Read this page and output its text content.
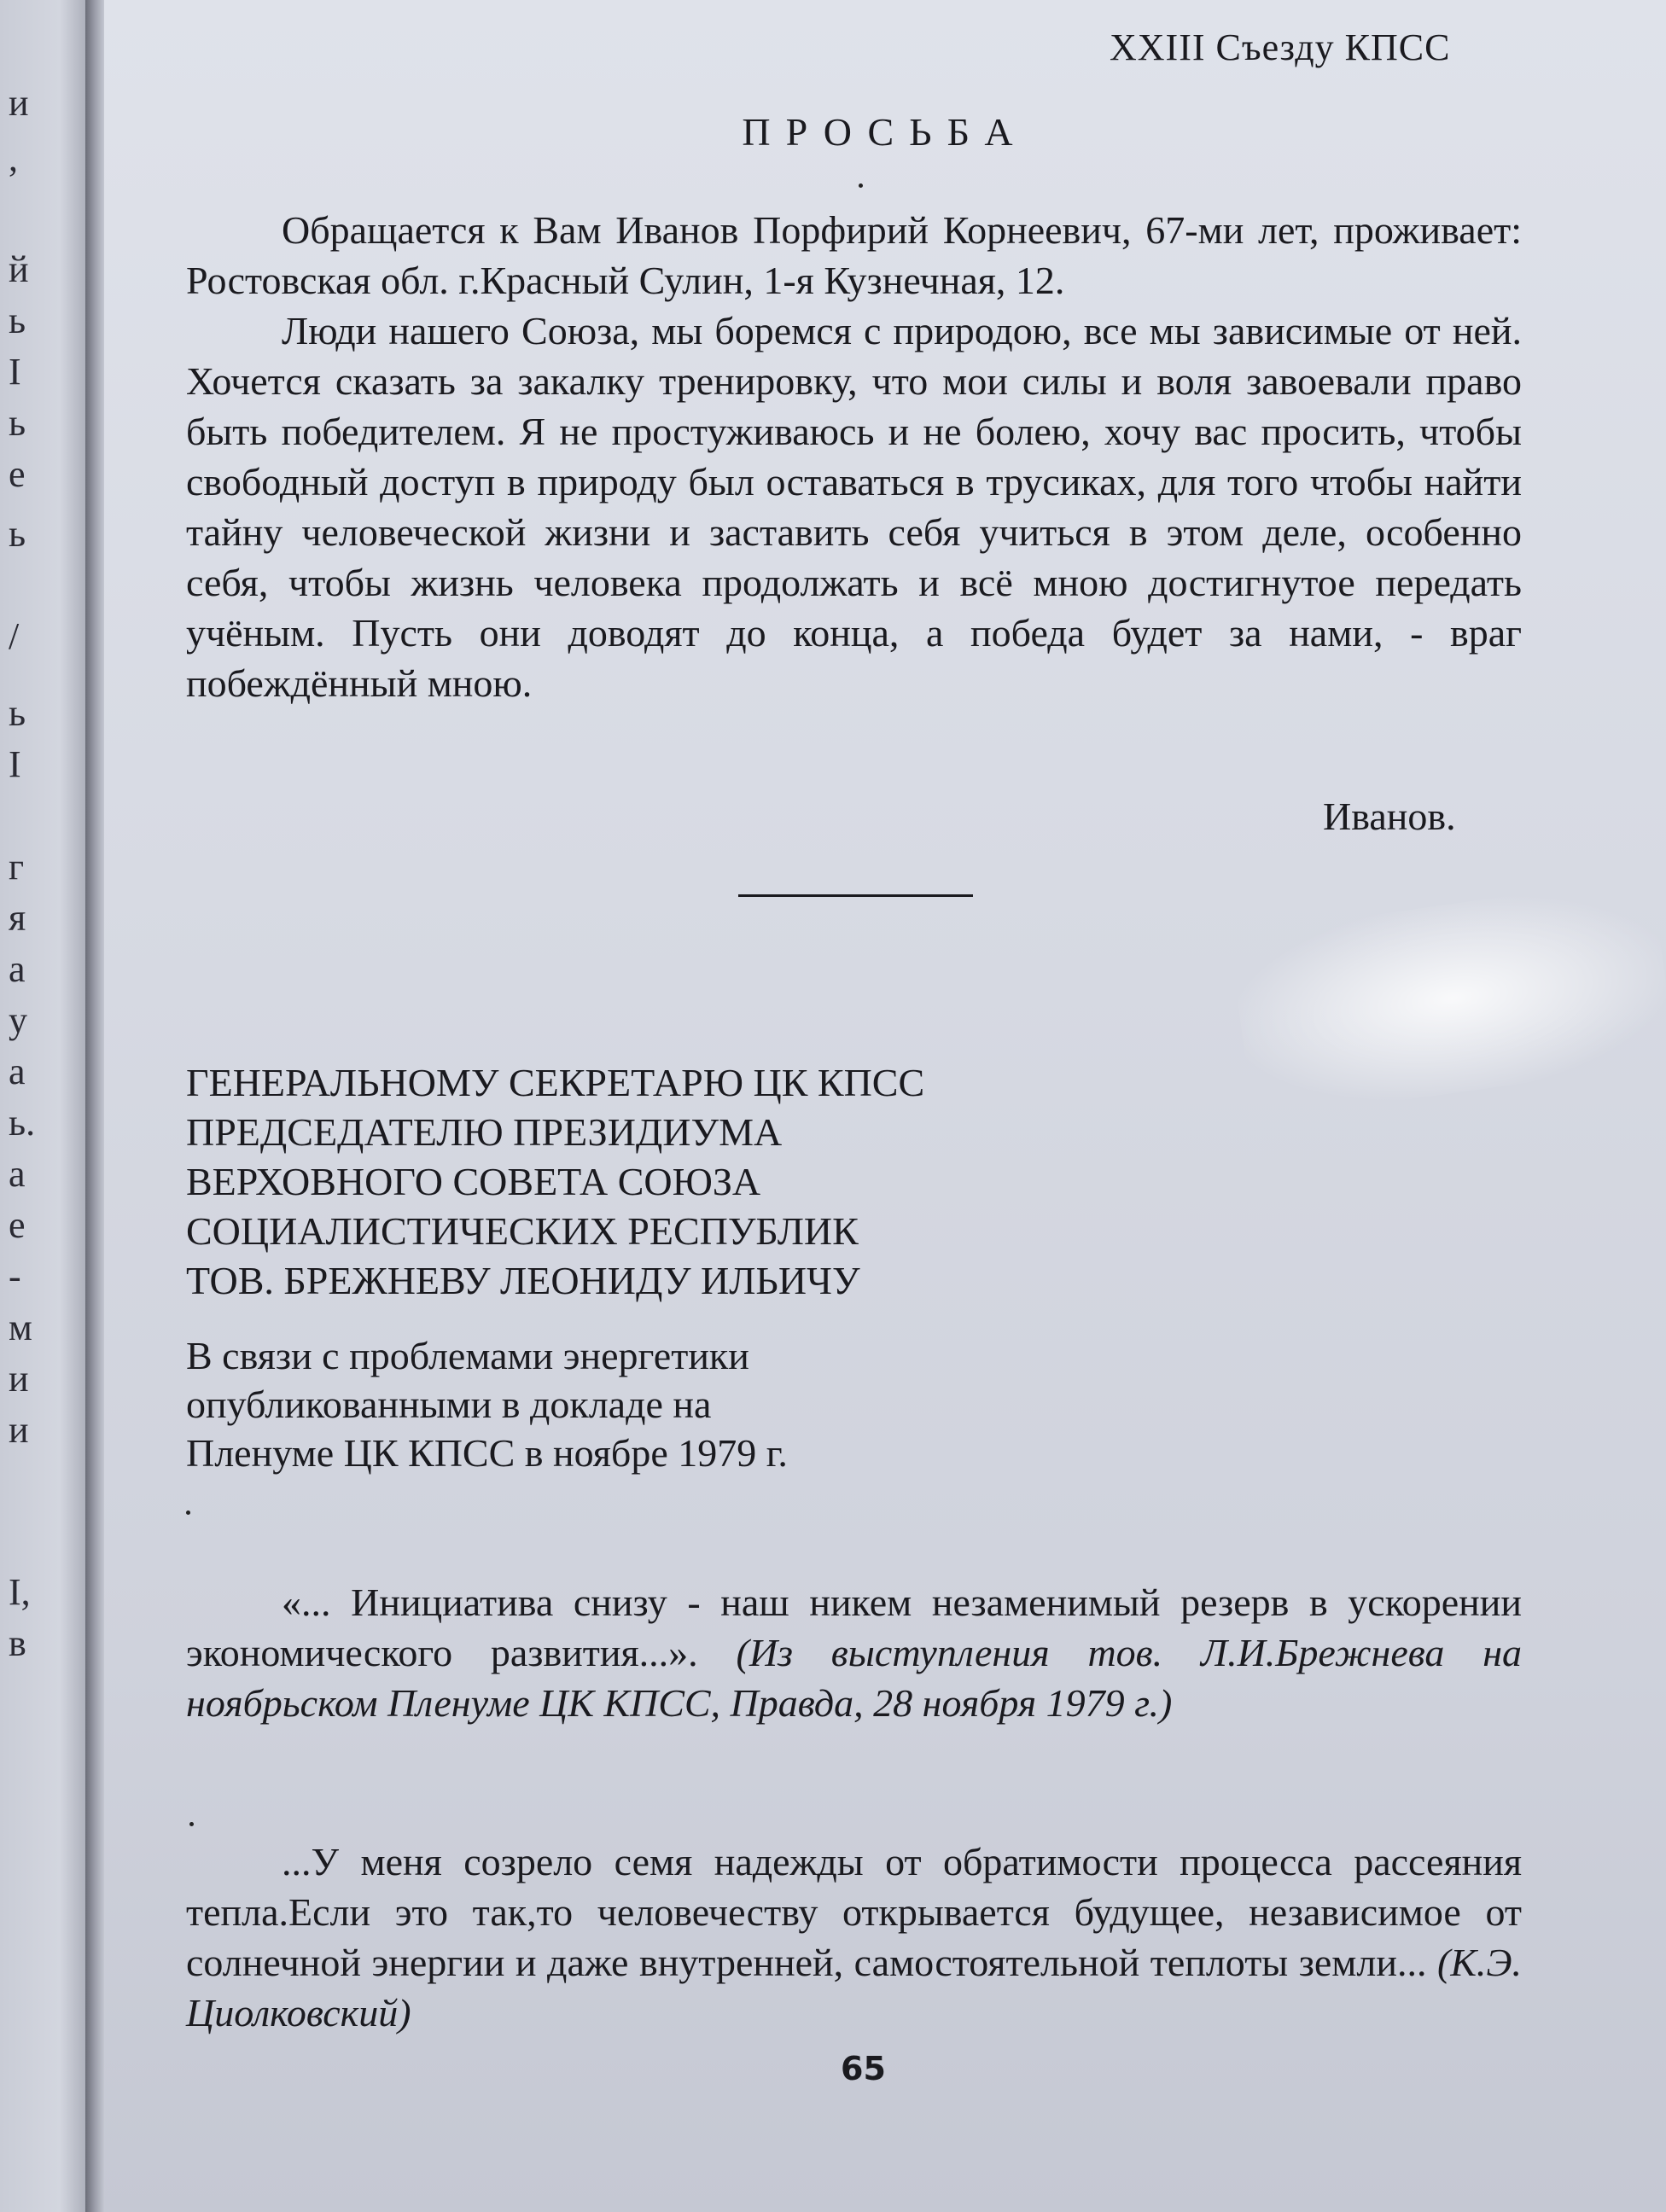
и
,
й
ь
I
ь
е
ь
/
ь
I
г
я
а
у
а
ь.
а
е
-
м
и
и
I,
в
XXIII Съезду КПСС
ПРОСЬБА
Обращается к Вам Иванов Порфирий Корнеевич, 67-ми лет, проживает: Ростовская обл. г.Красный Сулин, 1-я Кузнечная, 12.
Люди нашего Союза, мы боремся с природою, все мы зависимые от ней. Хочется сказать за закалку тренировку, что мои силы и воля завоевали право быть победителем. Я не простуживаюсь и не болею, хочу вас просить, чтобы свободный доступ в природу был оставаться в трусиках, для того чтобы найти тайну человеческой жизни и заставить себя учиться в этом деле, особенно себя, чтобы жизнь человека продолжать и всё мною достигнутое передать учёным. Пусть они доводят до конца, а победа будет за нами, - враг побеждённый мною.
Иванов.
ГЕНЕРАЛЬНОМУ СЕКРЕТАРЮ ЦК КПСС
ПРЕДСЕДАТЕЛЮ ПРЕЗИДИУМА
ВЕРХОВНОГО СОВЕТА СОЮЗА
СОЦИАЛИСТИЧЕСКИХ РЕСПУБЛИК
ТОВ. БРЕЖНЕВУ ЛЕОНИДУ ИЛЬИЧУ
В связи с проблемами энергетики
опубликованными в докладе на
Пленуме ЦК КПСС в ноябре 1979 г.
«... Инициатива снизу - наш никем незаменимый резерв в ускорении экономического развития...». (Из выступления тов. Л.И.Брежнева на ноябрьском Пленуме ЦК КПСС, Правда, 28 ноября 1979 г.)
...У меня созрело семя надежды от обратимости процесса рассеяния тепла.Если это так,то человечеству открывается будущее, независимое от солнечной энергии и даже внутренней, самостоятельной теплоты земли... (К.Э. Циолковский)
65
